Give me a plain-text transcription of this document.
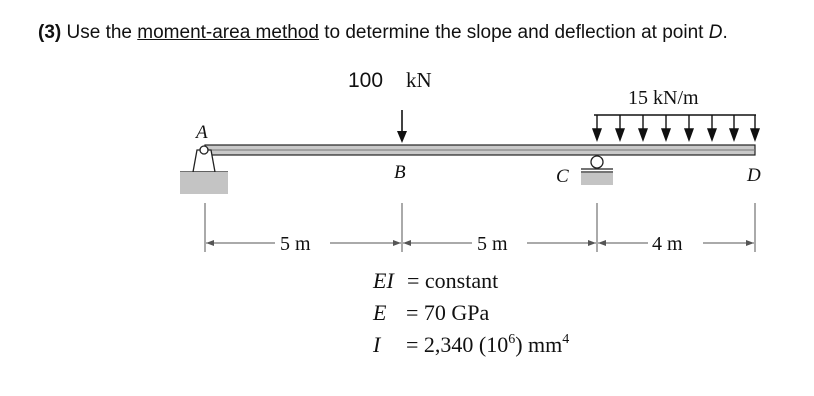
(3) Use the moment-area method to determine the slope and deflection at point D.
100 kN
15 kN/m
A
B	C	D
5 m	5 m	4 m
EI = constant
E = 70 GPa
I = 2,340 $(10^6)$ $mm^4$
